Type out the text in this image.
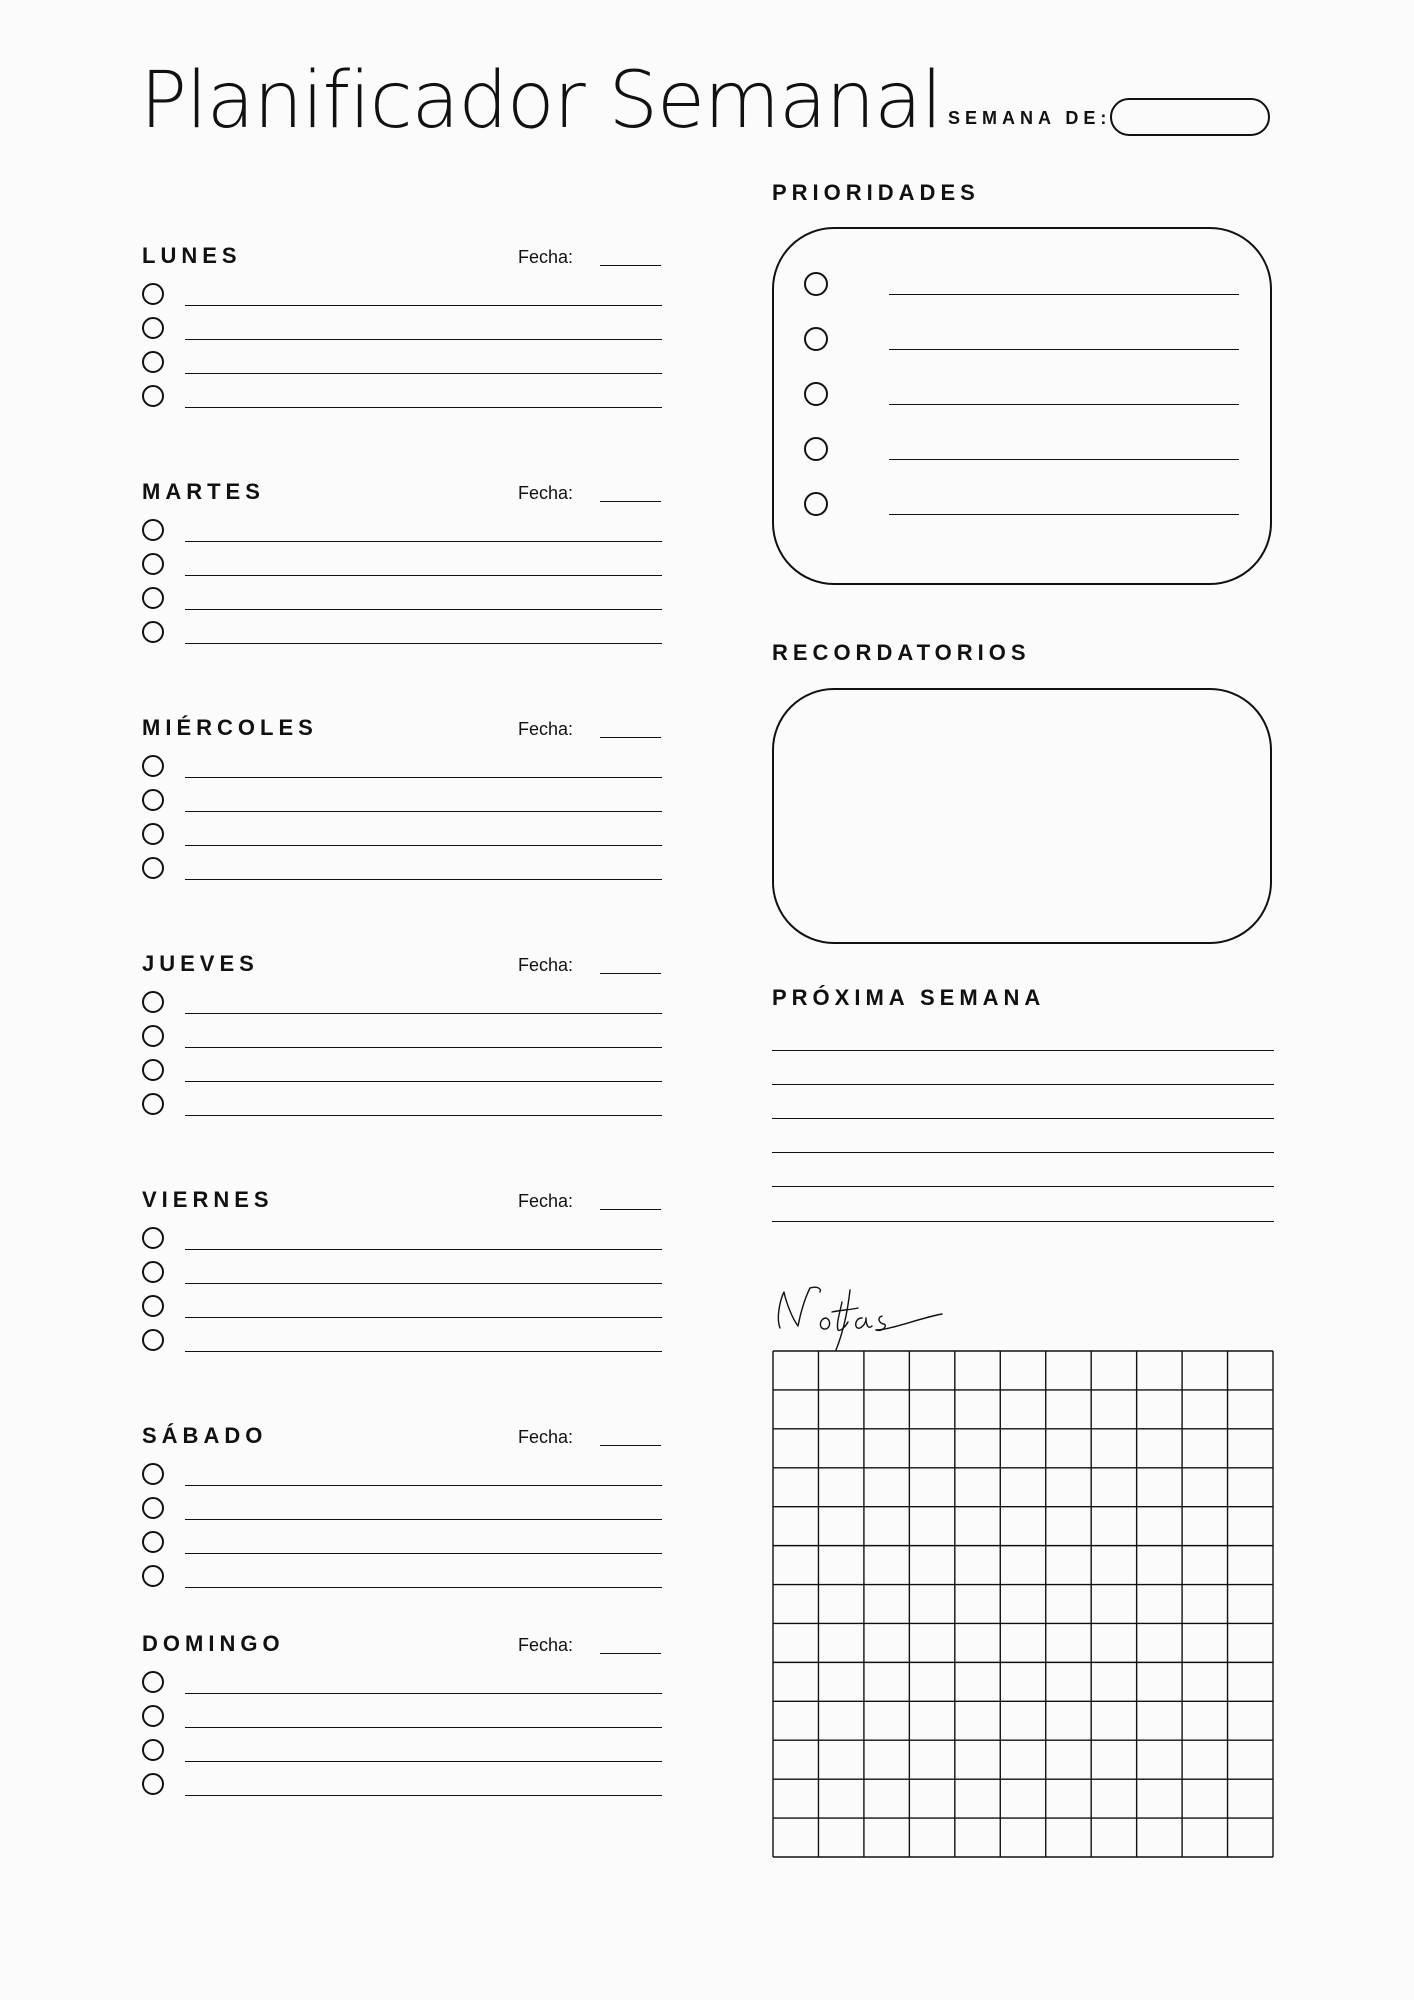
Planificador Semanal SEMANA DE:
LUNES	Fecha:
MARTES	Fecha:
MIÉRCOLES	Fecha:
JUEVES	Fecha:
VIERNES	Fecha:
SÁBADO	Fecha:
DOMINGO	Fecha:
PRIORIDADES
RECORDATORIOS
PRÓXIMA SEMANA
